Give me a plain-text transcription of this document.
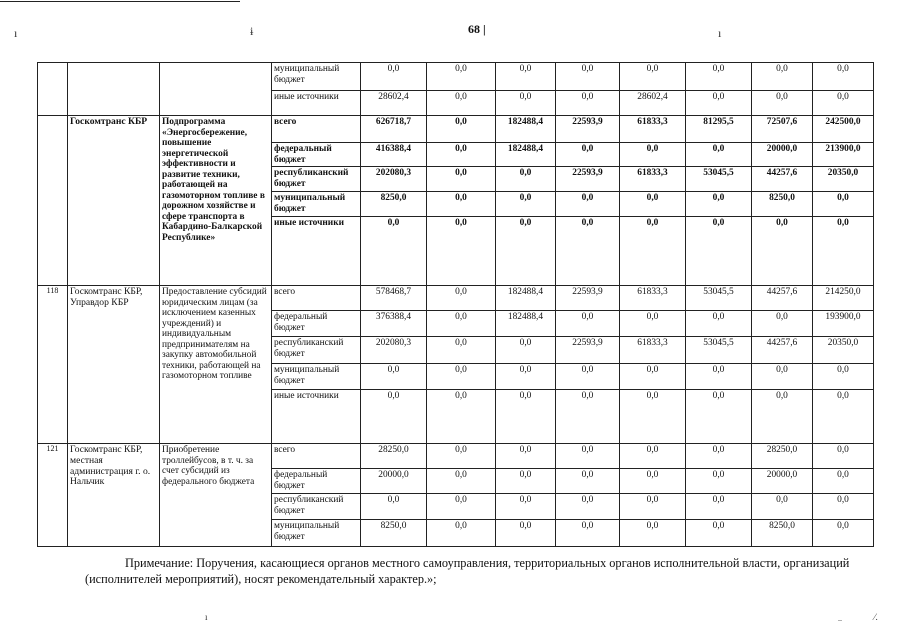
ı	ɨ	68 |	ı
			муниципальный бюджет	0,0	0,0	0,0	0,0	0,0	0,0	0,0	0,0
			иные источники	28602,4	0,0	0,0	0,0	28602,4	0,0	0,0	0,0
	Госкомтранс КБР	Подпрограмма «Энергосбережение, повышение энергетической эффективности и развитие техники, работающей на газомоторном топливе в дорожном хозяйстве и сфере транспорта в Кабардино-Балкарской Республике»	всего	626718,7	0,0	182488,4	22593,9	61833,3	81295,5	72507,6	242500,0
			федеральный бюджет	416388,4	0,0	182488,4	0,0	0,0	0,0	20000,0	213900,0
			республиканский бюджет	202080,3	0,0	0,0	22593,9	61833,3	53045,5	44257,6	20350,0
			муниципальный бюджет	8250,0	0,0	0,0	0,0	0,0	0,0	8250,0	0,0
			иные источники	0,0	0,0	0,0	0,0	0,0	0,0	0,0	0,0
118	Госкомтранс КБР, Управдор КБР	Предоставление субсидий юридическим лицам (за исключением казенных учреждений) и индивидуальным предпринимателям на закупку автомобильной техники, работающей на газомоторном топливе	всего	578468,7	0,0	182488,4	22593,9	61833,3	53045,5	44257,6	214250,0
			федеральный бюджет	376388,4	0,0	182488,4	0,0	0,0	0,0	0,0	193900,0
			республиканский бюджет	202080,3	0,0	0,0	22593,9	61833,3	53045,5	44257,6	20350,0
			муниципальный бюджет	0,0	0,0	0,0	0,0	0,0	0,0	0,0	0,0
			иные источники	0,0	0,0	0,0	0,0	0,0	0,0	0,0	0,0
121	Госкомтранс КБР, местная администрация г. о. Нальчик	Приобретение троллейбусов, в т. ч. за счет субсидий из федерального бюджета	всего	28250,0	0,0	0,0	0,0	0,0	0,0	28250,0	0,0
			федеральный бюджет	20000,0	0,0	0,0	0,0	0,0	0,0	20000,0	0,0
			республиканский бюджет	0,0	0,0	0,0	0,0	0,0	0,0	0,0	0,0
			муниципальный бюджет	8250,0	0,0	0,0	0,0	0,0	0,0	8250,0	0,0
Примечание: Поручения, касающиеся органов местного самоуправления, территориальных органов исполнительной власти, организаций (исполнителей мероприятий), носят рекомендательный характер.»;
ı	..	⁄.
